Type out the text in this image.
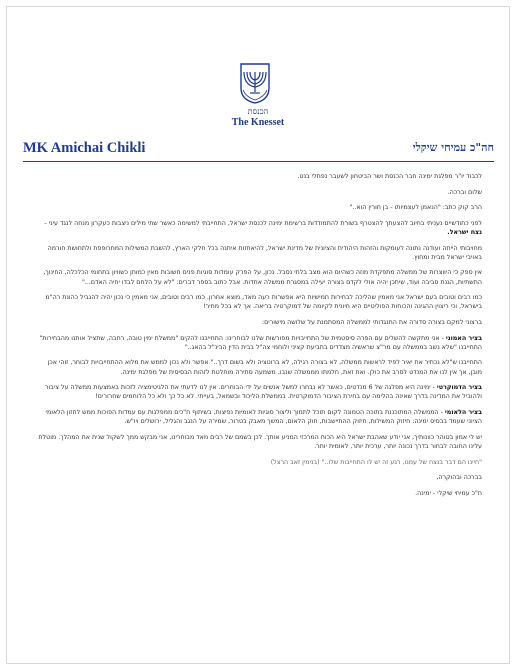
הכנסת
The Knesset
MK Amichai Chikli	חה"כ עמיחי שיקלי

לכבוד יו"ר מפלגת ימינה חבר הכנסת ושר הביטחון לשעבר נפתלי בנט.

שלום וברכה.

הרב קוק כתב: "הנאמן לעצמיותו - בן חורין הוא.."

לפני כחודשיים נעניתי בחיוב להצעתך להצטרף בשורת להתמודדות ברשימת ימינה לכנסת ישראל, התחייבתי למשימה כאשר שתי מילים ניצבות כעקרון מנחה לנגד עיני - נצח ישראל.

מחויבותי הייתה ועודנה נתונה לעומקות והזהות היהודית והציונית של מדינת ישראל, להיאחזות איתנה בכל חלקי הארץ, להשבת המשילות המתרופפת ולתחושת חורמה באויבי ישראל מבית ומחוץ.

אין ספק כי היווצרות של ממשלה מתפקדת מוזה כשהיום הוא מצב בלתי נסבל. נכון, על הפרק עומדות סוגיות פנים חשובות מאין כמותן כשוויון בתחומי הכלכלה, החינוך, התשתיות, הגנת סביבה ועוד, שיתכן יהיה אולי לקדם בצורה יעילה במסגרת ממשלה אחדות. אבל כתוב בספר דברים: "לא על הלחם לבדו יחיה האדם..."

כמו רבים וטובים בעם ישראל אני מאמין שהליכה לבחירות חמישיות היא אפשרות רעה מאד, מוצא אחרון. כמו רבים וטובים, אני מאמין כי נכון יהיה להגביל כהונת רה"מ בישראל, וכי ריצוין ההגינה והכוחות הפוליטיים היא חיונית לקיומה של דמוקרטיה בריאה. אך לא בכל מחיר!

ברצוני למקם בצורה סדורה את התנגדותי לממשלה המסתמנת על שלושה מישורים:

בציר האמוני - אני מתקשה להשלים עם הפרה סיסטמית של התחייבויות מפורשות שלנו לבוחרינו: התחייבנו להקים "ממשלת ימין טובה, רחבה, שתציל אותנו מהבחירות" התחייבנו "שלא נשב בממשלה עם מר"צ שראשיה מצדדים בתביעת קציני ולוחמי צה"ל בבית הדין הבינ"ל בהאג.."

התחייבנו ש"לא נכתיר את יאיר לפיד לראשות ממשלה, לא בצורה רגילה, לא ברוטציה ולא בשום דרך.." אפשר ולא נכון לממש את מלוא ההתחייבויות לבוחר, זוהי אכן מובן, אך אין לנו את המנדט לסרב את כולן. ואת זאת, חלמתו מממשלה שנבו, משמעה סתירה מוחלטת לזהות הבסיסית של מפלגת ימינה.

בציר הדמוקרטי - ימינה היא מפלגה של 6 מנדטים, כאשר לא נבחרו למשל אנשים על ידי הבוחרים. אין לנו לדעתי את הלגיטימציה לזכות באמצעות ממשלה על ציבור ולהוביל את המדינה בדרך שאינה בהלימה עם בחירת הציבור הדמוקרטית. בממשלת הליכוד ובשמאל, בעייתי. לא כל כך ולא כל הלוחמים שחרורים!

בציר הלאומי - הממשלה המתוכננת בתוכה הטמונה לקום תוכל לתמוך וליצור סוגיות לאומיות נפיצות, בשיתוף ח"כים ממפלגות עם עמדות הפוכות ממש לחזון הלאומי הציוני שעמד בבסיס ימינה: חיזוק המשילות, חיזוק ההתיישבות, חוק הלאום, המשך מאבק בטרור, שמירה על הנגב והגליל, ירושלים ויו"ש.

יש לי אמון בטוהר כוונותיך, אני יודע שאהבת ישראל היא הכוח המרכזי המניע אותך. לכן בשמם של רבים מאד מבוחרינו, אני מבקש ממך לשקול שנית את המהלך. מוטלת עלינו החובה לבחור בדרך נכונה יותר, ערכית יותר, לאומית יותר.

"חיינו הם דבר בנצח של עמנו, רגע זה יש לו התחייבות שלו.." (בנימין זאב הרצל)

בברכה ובהוקרה,

ח"כ עמיחי שיקלי - ימינה.
